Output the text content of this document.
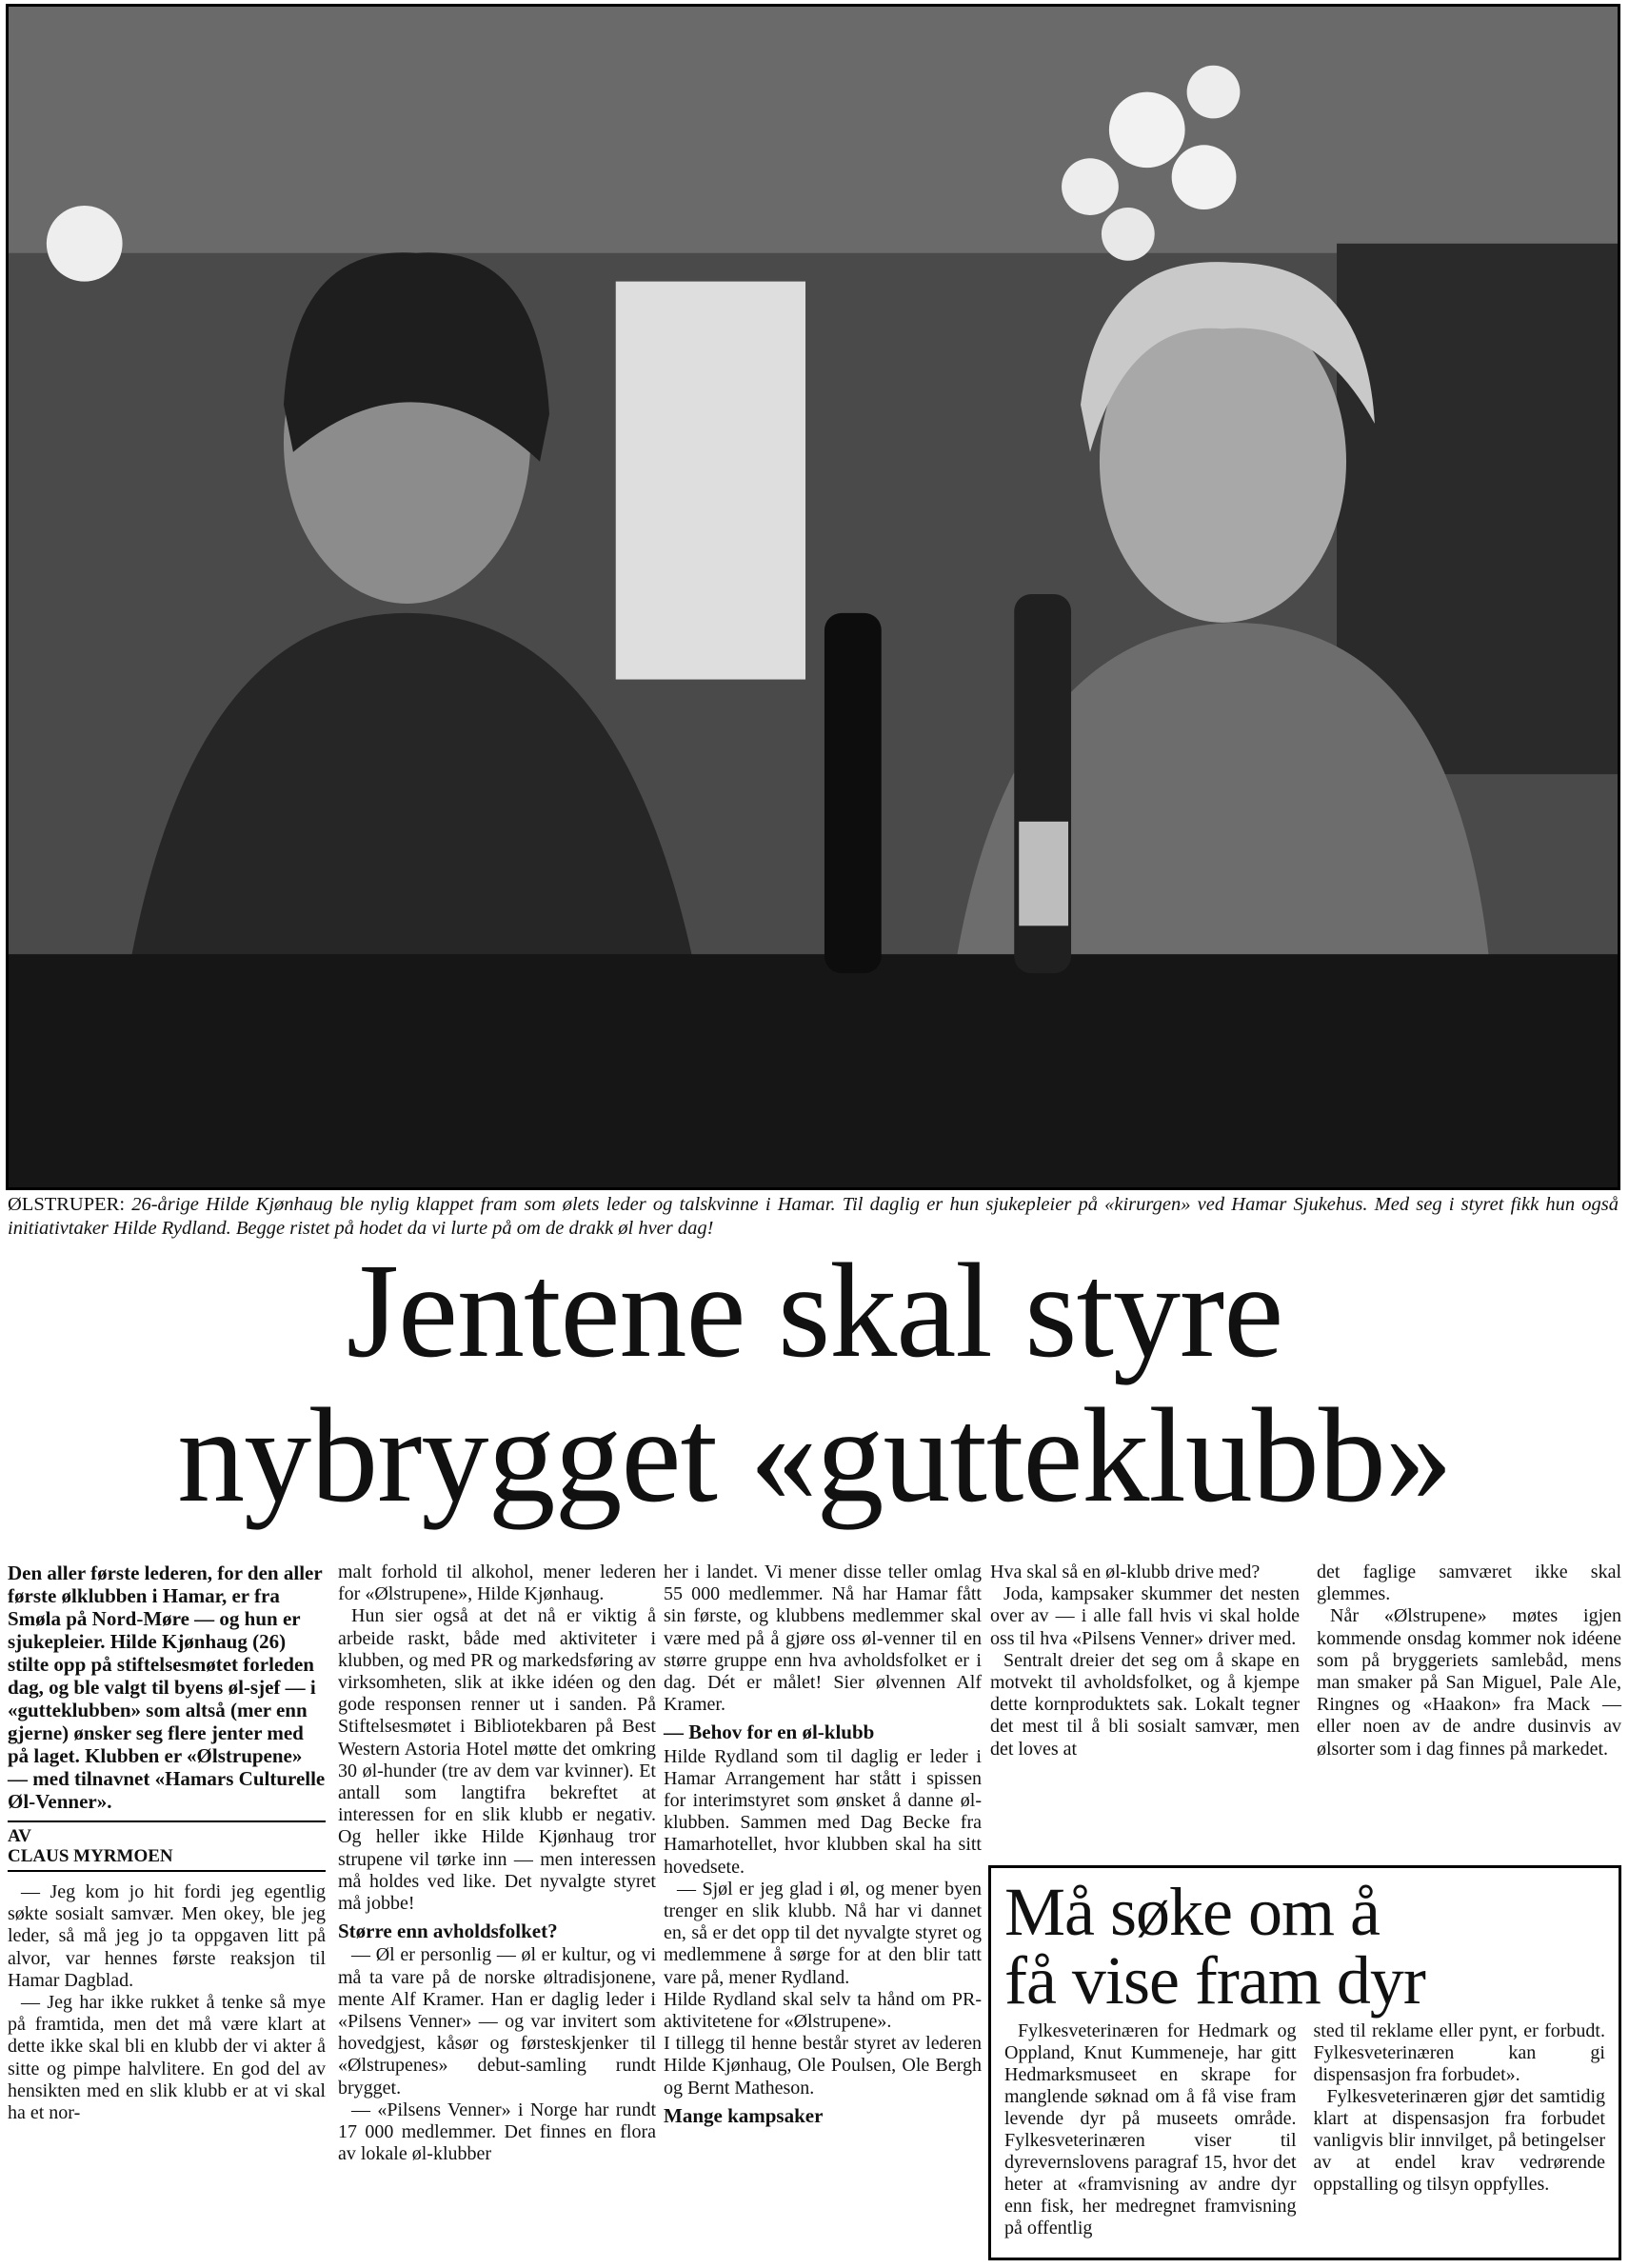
ØLSTRUPER: 26-årige Hilde Kjønhaug ble nylig klappet fram som ølets leder og talskvinne i Hamar. Til daglig er hun sjukepleier på «kirurgen» ved Hamar Sjukehus. Med seg i styret fikk hun også initiativtaker Hilde Rydland. Begge ristet på hodet da vi lurte på om de drakk øl hver dag!
Jentene skal styre
nybrygget «gutteklubb»
Den aller første lederen, for den aller første ølklubben i Hamar, er fra Smøla på Nord-Møre — og hun er sjukepleier. Hilde Kjønhaug (26) stilte opp på stiftelsesmøtet forleden dag, og ble valgt til byens øl-sjef — i «gutteklubben» som altså (mer enn gjerne) ønsker seg flere jenter med på laget. Klubben er «Ølstrupene» — med tilnavnet «Hamars Culturelle Øl-Venner».
AV
CLAUS MYRMOEN

— Jeg kom jo hit fordi jeg egentlig søkte sosialt samvær. Men okey, ble jeg leder, så må jeg jo ta oppgaven litt på alvor, var hennes første reaksjon til Hamar Dagblad.

— Jeg har ikke rukket å tenke så mye på framtida, men det må være klart at dette ikke skal bli en klubb der vi akter å sitte og pimpe halvlitere. En god del av hensikten med en slik klubb er at vi skal ha et nor-

malt forhold til alkohol, mener lederen for «Ølstrupene», Hilde Kjønhaug.

Hun sier også at det nå er viktig å arbeide raskt, både med aktiviteter i klubben, og med PR og markedsføring av virksomheten, slik at ikke idéen og den gode responsen renner ut i sanden. På Stiftelsesmøtet i Bibliotekbaren på Best Western Astoria Hotel møtte det omkring 30 øl-hunder (tre av dem var kvinner). Et antall som langtifra bekreftet at interessen for en slik klubb er negativ. Og heller ikke Hilde Kjønhaug tror strupene vil tørke inn — men interessen må holdes ved like. Det nyvalgte styret må jobbe!

Større enn avholdsfolket?

— Øl er personlig — øl er kultur, og vi må ta vare på de norske øltradisjonene, mente Alf Kramer. Han er daglig leder i «Pilsens Venner» — og var invitert som hovedgjest, kåsør og førsteskjenker til «Ølstrupenes» debut-samling rundt brygget.

— «Pilsens Venner» i Norge har rundt 17 000 medlemmer. Det finnes en flora av lokale øl-klubber

her i landet. Vi mener disse teller omlag 55 000 medlemmer. Nå har Hamar fått sin første, og klubbens medlemmer skal være med på å gjøre oss øl-venner til en større gruppe enn hva avholdsfolket er i dag. Dét er målet! Sier ølvennen Alf Kramer.

— Behov for en øl-klubb

Hilde Rydland som til daglig er leder i Hamar Arrangement har stått i spissen for interimstyret som ønsket å danne øl-klubben. Sammen med Dag Becke fra Hamarhotellet, hvor klubben skal ha sitt hovedsete.

— Sjøl er jeg glad i øl, og mener byen trenger en slik klubb. Nå har vi dannet en, så er det opp til det nyvalgte styret og medlemmene å sørge for at den blir tatt vare på, mener Rydland.

Hilde Rydland skal selv ta hånd om PR-aktivitetene for «Ølstrupene».

I tillegg til henne består styret av lederen Hilde Kjønhaug, Ole Poulsen, Ole Bergh og Bernt Matheson.

Mange kampsaker

Hva skal så en øl-klubb drive med?

Joda, kampsaker skummer det nesten over av — i alle fall hvis vi skal holde oss til hva «Pilsens Venner» driver med.

Sentralt dreier det seg om å skape en motvekt til avholdsfolket, og å kjempe dette kornproduktets sak. Lokalt tegner det mest til å bli sosialt samvær, men det loves at

det faglige samværet ikke skal glemmes.

Når «Ølstrupene» møtes igjen kommende onsdag kommer nok idéene som på bryggeriets samlebåd, mens man smaker på San Miguel, Pale Ale, Ringnes og «Haakon» fra Mack — eller noen av de andre dusinvis av ølsorter som i dag finnes på markedet.

Må søke om å
få vise fram dyr

Fylkesveterinæren for Hedmark og Oppland, Knut Kummeneje, har gitt Hedmarksmuseet en skrape for manglende søknad om å få vise fram levende dyr på museets område. Fylkesveterinæren viser til dyrevernslovens paragraf 15, hvor det heter at «framvisning av andre dyr enn fisk, her medregnet framvisning på offentlig

sted til reklame eller pynt, er forbudt. Fylkesveterinæren kan gi dispensasjon fra forbudet».

Fylkesveterinæren gjør det samtidig klart at dispensasjon fra forbudet vanligvis blir innvilget, på betingelser av at endel krav vedrørende oppstalling og tilsyn oppfylles.
